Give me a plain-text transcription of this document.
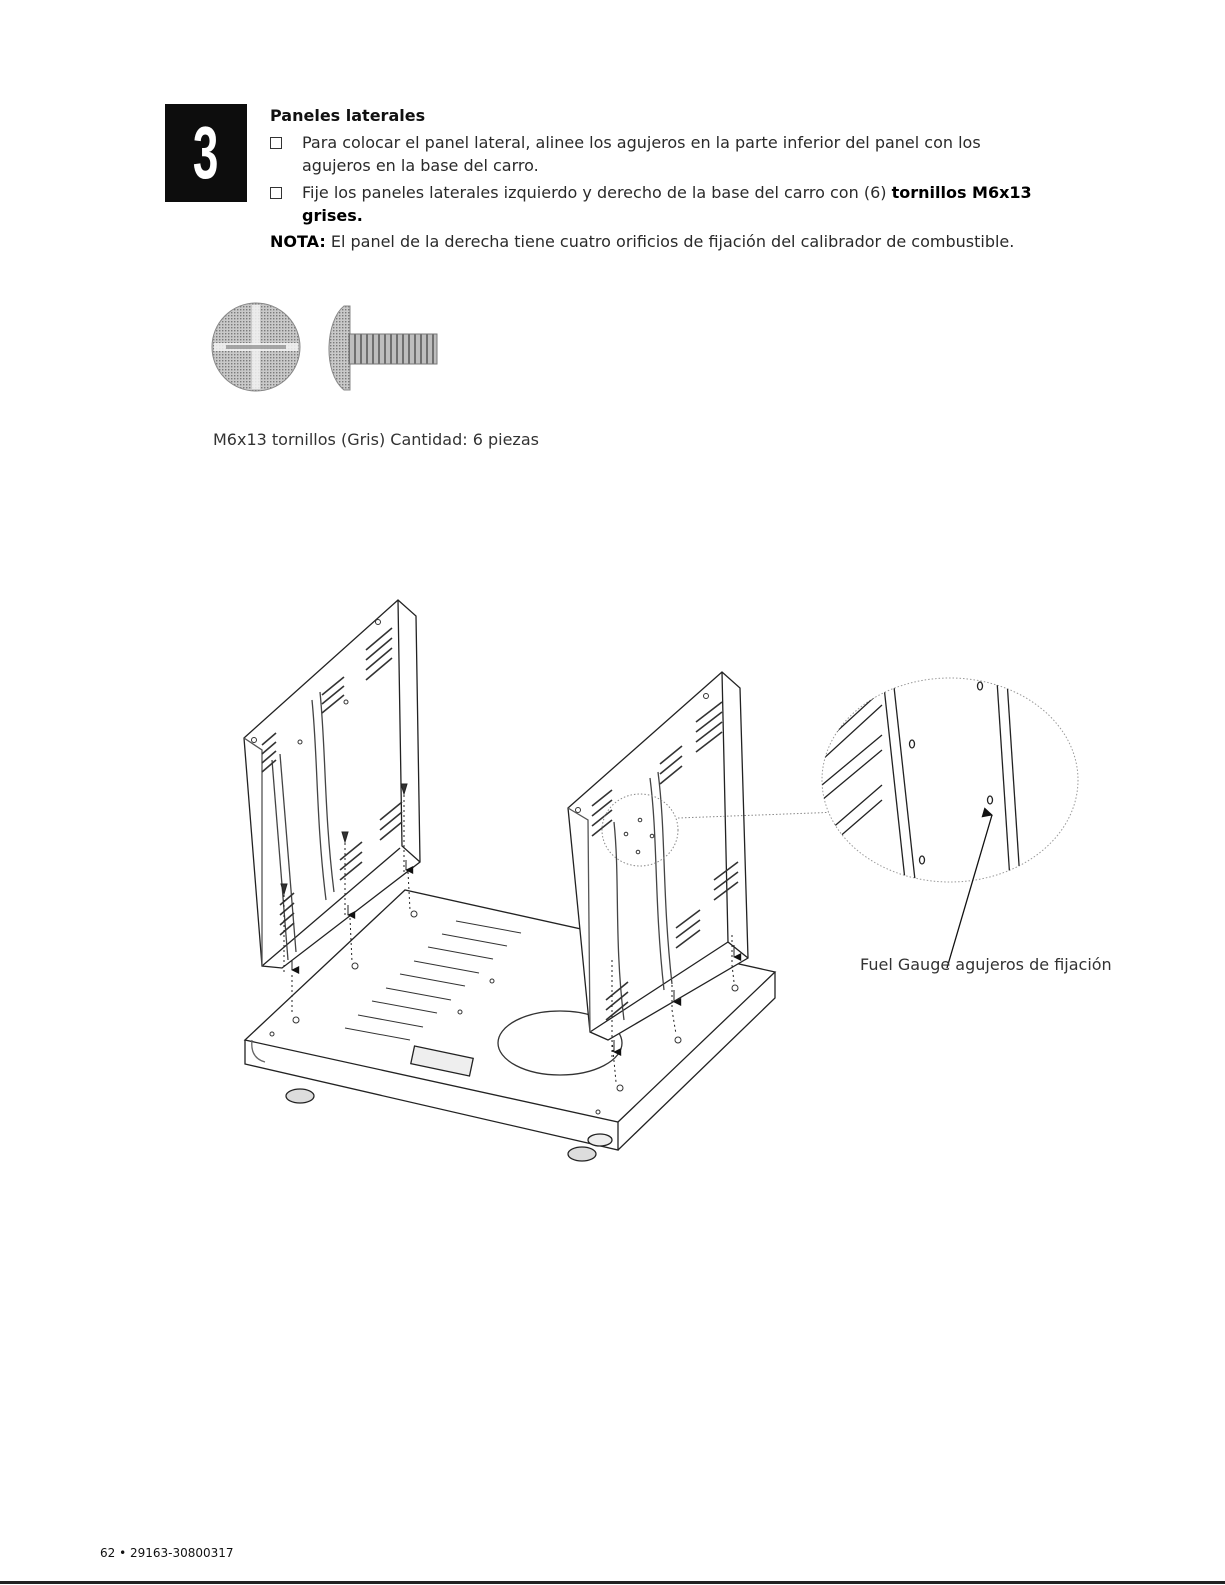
3	Paneles laterales
Para colocar el panel lateral, alinee los agujeros en la parte inferior del panel con los agujeros en la base del carro.
Fije los paneles laterales izquierdo y derecho de la base del carro con (6) tornillos M6x13 grises.
NOTA: El panel de la derecha tiene cuatro orificios de fijación del calibrador de combustible.
M6x13 tornillos (Gris) Cantidad: 6 piezas
Fuel Gauge agujeros de fijación
62 • 29163-30800317
